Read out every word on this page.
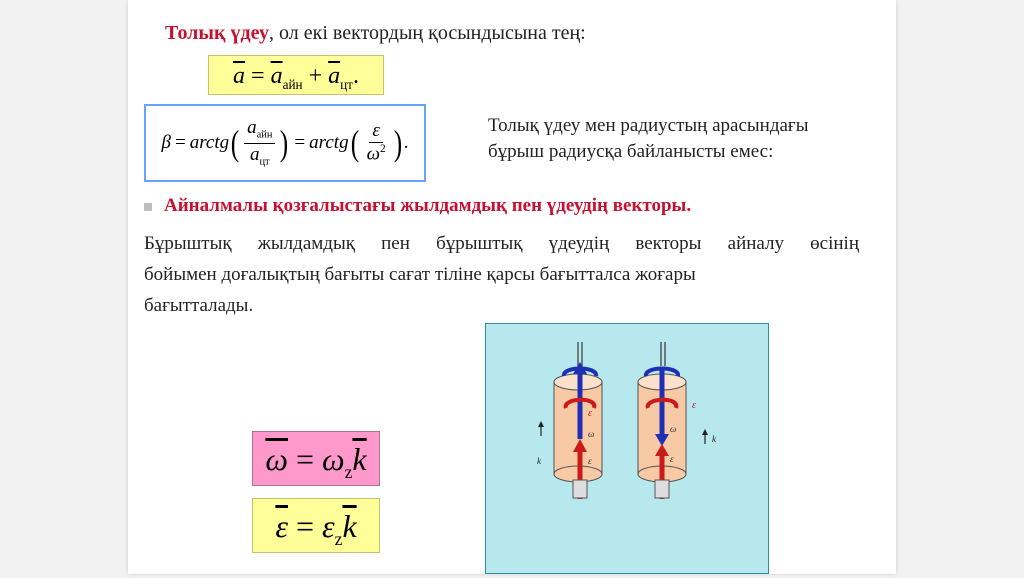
Толық үдеу, ол екі вектордың қосындысына тең:
$\overline{a} = \overline{a}_{айн} + \overline{a}_{цт}$.
β = arctg ( $\frac{a_{айн}}{a_{цт}}$ ) = arctg ( $\frac{\varepsilon}{\omega^2}$ ) .
Толық үдеу мен радиустың арасындағы
бұрыш радиусқа байланысты емес:
Айналмалы қозғалыстағы жылдамдық пен үдеудің векторы.
Бұрыштық жылдамдық пен бұрыштық үдеудің векторы айналу өсінің
бойымен доғалықтың бағыты сағат тіліне қарсы бағытталса жоғары
бағытталады.
$\overline{\omega} = \omega_z\overline{k}$
$\overline{\varepsilon} = \varepsilon_z\overline{k}$
ε
ω
ε
k
ε
ω
ε
k
